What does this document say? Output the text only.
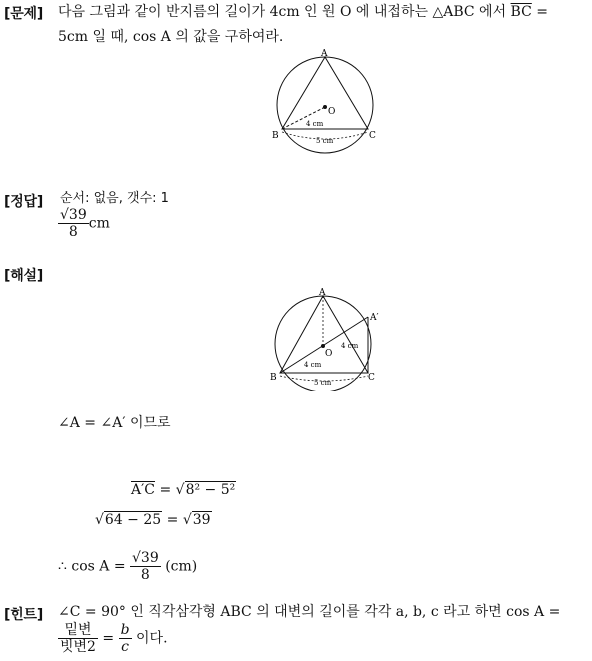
[문제] 다음 그림과 같이 반지름의 길이가 4cm 인 원 O 에 내접하는 △ABC 에서 $\overline{BC}$ =
5cm 일 때, cos A 의 값을 구하여라.
A
B	C
O
4 cm
5 cm
[정답] 순서: 없음, 갯수: 1
$\frac{√39}{8}$ cm
[해설]
A
A′
B	C
O
4 cm
4 cm
5 cm
∠A = ∠A′ 이므로
A′C = √8² − 5²
√64 − 25 = √39
∴ $\cos A = \frac{√39}{8} (cm)$
[힌트] ∠C = 90° 인 직각삼각형 ABC 의 대변의 길이를 각각 a, b, c 라고 하면 cos A =
$\frac{\text{밑변}}{\text{빗변2}} = \frac{b}{c}$ 이다.
